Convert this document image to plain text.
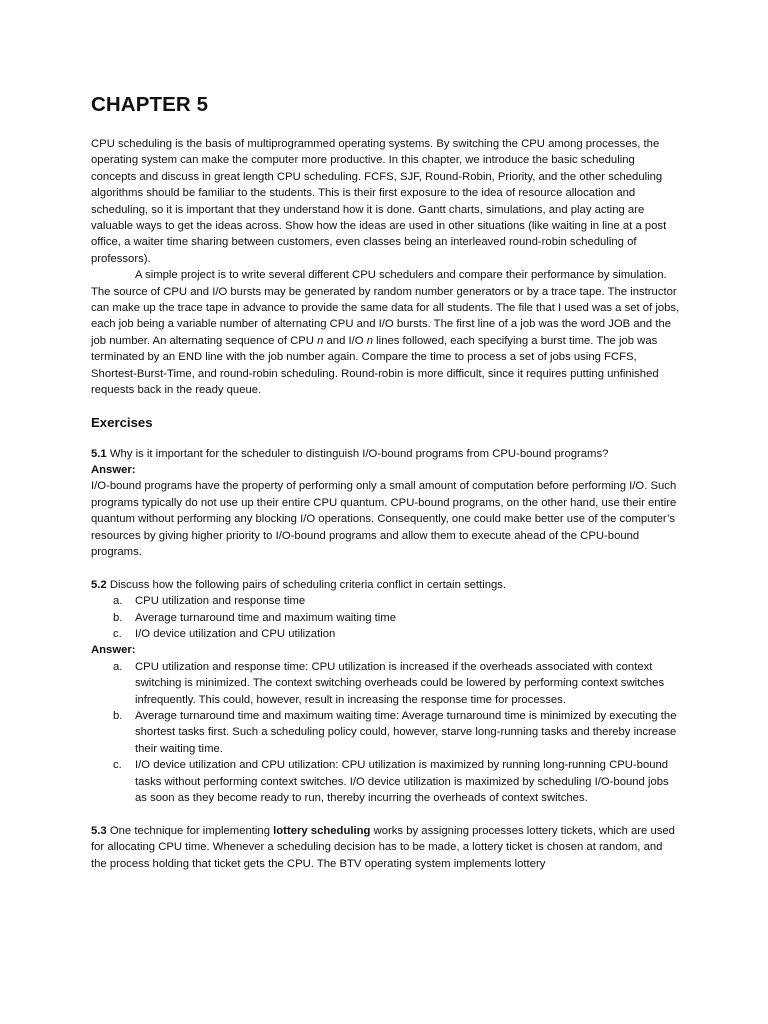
CHAPTER 5

CPU scheduling is the basis of multiprogrammed operating systems. By switching the CPU among processes, the operating system can make the computer more productive. In this chapter, we introduce the basic scheduling concepts and discuss in great length CPU scheduling. FCFS, SJF, Round-Robin, Priority, and the other scheduling algorithms should be familiar to the students. This is their first exposure to the idea of resource allocation and scheduling, so it is important that they understand how it is done. Gantt charts, simulations, and play acting are valuable ways to get the ideas across. Show how the ideas are used in other situations (like waiting in line at a post office, a waiter time sharing between customers, even classes being an interleaved round-robin scheduling of professors).

A simple project is to write several different CPU schedulers and compare their performance by simulation. The source of CPU and I/O bursts may be generated by random number generators or by a trace tape. The instructor can make up the trace tape in advance to provide the same data for all students. The file that I used was a set of jobs, each job being a variable number of alternating CPU and I/O bursts. The first line of a job was the word JOB and the job number. An alternating sequence of CPU n and I/O n lines followed, each specifying a burst time. The job was terminated by an END line with the job number again. Compare the time to process a set of jobs using FCFS, Shortest-Burst-Time, and round-robin scheduling. Round-robin is more difficult, since it requires putting unfinished requests back in the ready queue.

Exercises

5.1 Why is it important for the scheduler to distinguish I/O-bound programs from CPU-bound programs?

Answer:

I/O-bound programs have the property of performing only a small amount of computation before performing I/O. Such programs typically do not use up their entire CPU quantum. CPU-bound programs, on the other hand, use their entire quantum without performing any blocking I/O operations. Consequently, one could make better use of the computer’s resources by giving higher priority to I/O-bound programs and allow them to execute ahead of the CPU-bound programs.

5.2 Discuss how the following pairs of scheduling criteria conflict in certain settings.

a. CPU utilization and response time
b. Average turnaround time and maximum waiting time
c. I/O device utilization and CPU utilization
Answer:
a. CPU utilization and response time: CPU utilization is increased if the overheads associated with context switching is minimized. The context switching overheads could be lowered by performing context switches infrequently. This could, however, result in increasing the response time for processes.
b. Average turnaround time and maximum waiting time: Average turnaround time is minimized by executing the shortest tasks first. Such a scheduling policy could, however, starve long-running tasks and thereby increase their waiting time.
c. I/O device utilization and CPU utilization: CPU utilization is maximized by running long-running CPU-bound tasks without performing context switches. I/O device utilization is maximized by scheduling I/O-bound jobs as soon as they become ready to run, thereby incurring the overheads of context switches.

5.3 One technique for implementing lottery scheduling works by assigning processes lottery tickets, which are used for allocating CPU time. Whenever a scheduling decision has to be made, a lottery ticket is chosen at random, and the process holding that ticket gets the CPU. The BTV operating system implements lottery
